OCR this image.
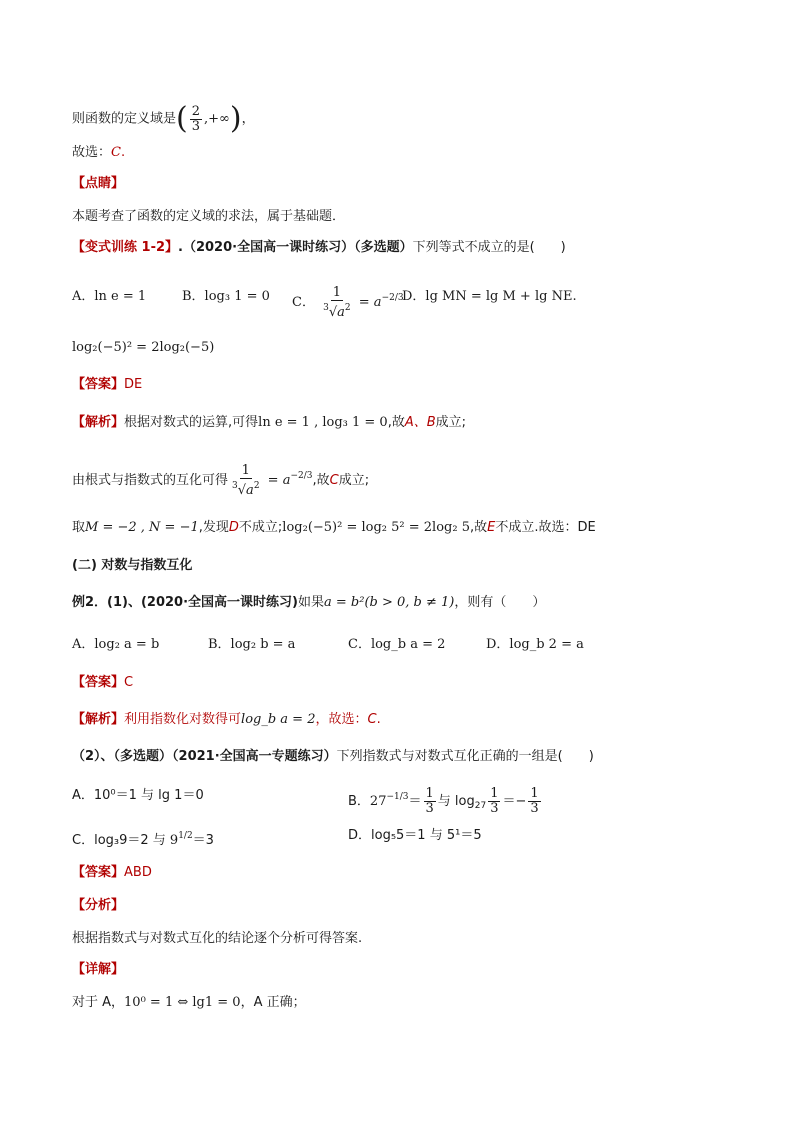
则函数的定义域是( $\frac{2}{3}$ ,+∞)，
故选：C.
【点睛】
本题考查了函数的定义域的求法，属于基础题．
【变式训练 1-2】.（2020·全国高一课时练习）（多选题）下列等式不成立的是(　　)
A．ln e = 1	B．log₃ 1 = 0 C． $\frac{1}{^3√a^2} = a^{-2/3}$
D．lg MN = lg M + lg NE.
log₂(−5)² = 2log₂(−5)
【答案】DE
【解析】根据对数式的运算,可得ln e = 1 , log₃ 1 = 0,故A、B成立;
由根式与指数式的互化可得 $\frac{1}{^3√a^2} = a^{-2/3}$,故C成立;
取M = −2 , N = −1,发现D不成立;log₂(−5)² = log₂ 5² = 2log₂ 5,故E不成立.故选：DE
(二) 对数与指数互化
例2．(1)、(2020·全国高一课时练习)如果a = b²(b > 0, b ≠ 1)，则有（　　）
A．log₂ a = b	B．log₂ b = a	C．log_b a = 2	D．log_b 2 = a
【答案】C
【解析】利用指数化对数得可log_b a = 2，故选：C.
（2）、（多选题）（2021·全国高一专题练习）下列指数式与对数式互化正确的一组是(　　)
A．10⁰＝1 与 lg 1＝0	B．$27^{-1/3}= \frac{1}{3}$ 与 $\log_{27} \frac{1}{3} =- \frac{1}{3}$
C．log₃9＝2 与 $9^{1/2}=3$	D．log₅5＝1 与 5¹＝5
【答案】ABD
【分析】
根据指数式与对数式互化的结论逐个分析可得答案.
【详解】
对于 A，10⁰ = 1 ⇔ lg1 = 0，A 正确；
